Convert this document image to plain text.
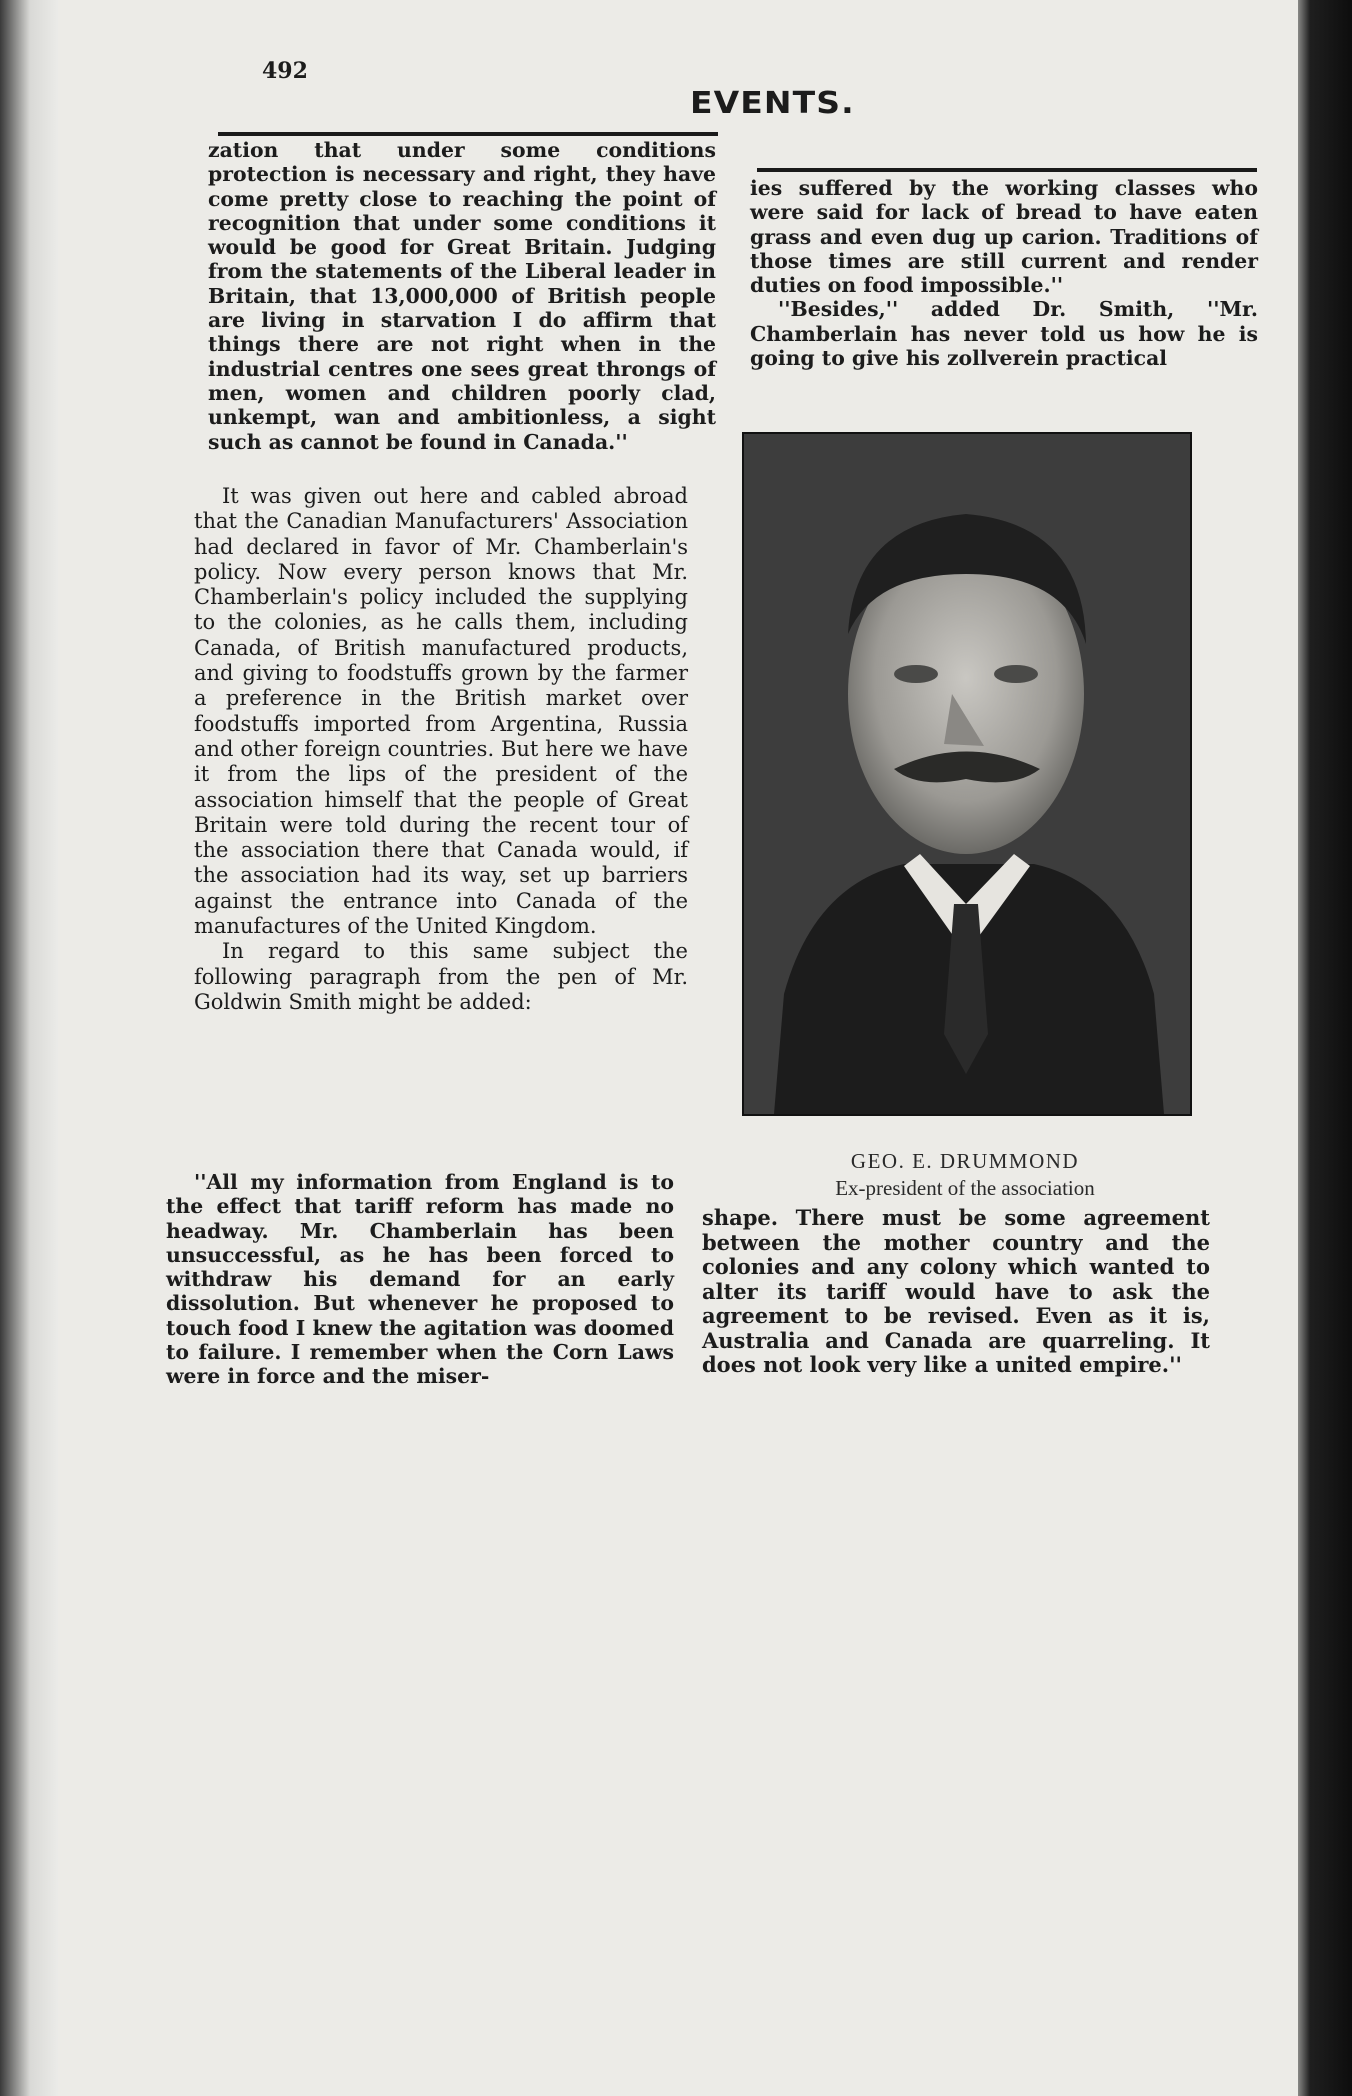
492
EVENTS.

zation that under some conditions protection is necessary and right, they have come pretty close to reaching the point of recognition that under some conditions it would be good for Great Britain. Judging from the statements of the Liberal leader in Britain, that 13,000,000 of British people are living in starvation I do affirm that things there are not right when in the industrial centres one sees great throngs of men, women and children poorly clad, unkempt, wan and ambitionless, a sight such as cannot be found in Canada.''

It was given out here and cabled abroad that the Canadian Manufacturers' Association had declared in favor of Mr. Chamberlain's policy. Now every person knows that Mr. Chamberlain's policy included the supplying to the colonies, as he calls them, including Canada, of British manufactured products, and giving to foodstuffs grown by the farmer a preference in the British market over foodstuffs imported from Argentina, Russia and other foreign countries. But here we have it from the lips of the president of the association himself that the people of Great Britain were told during the recent tour of the association there that Canada would, if the association had its way, set up barriers against the entrance into Canada of the manufactures of the United Kingdom.

In regard to this same subject the following paragraph from the pen of Mr. Goldwin Smith might be added:

''All my information from England is to the effect that tariff reform has made no headway. Mr. Chamberlain has been unsuccessful, as he has been forced to withdraw his demand for an early dissolution. But whenever he proposed to touch food I knew the agitation was doomed to failure. I remember when the Corn Laws were in force and the miser-

ies suffered by the working classes who were said for lack of bread to have eaten grass and even dug up carion. Traditions of those times are still current and render duties on food impossible.''

''Besides,'' added Dr. Smith, ''Mr. Chamberlain has never told us how he is going to give his zollverein practical

GEO. E. DRUMMOND
Ex-president of the association

shape. There must be some agreement between the mother country and the colonies and any colony which wanted to alter its tariff would have to ask the agreement to be revised. Even as it is, Australia and Canada are quarreling. It does not look very like a united empire.''
